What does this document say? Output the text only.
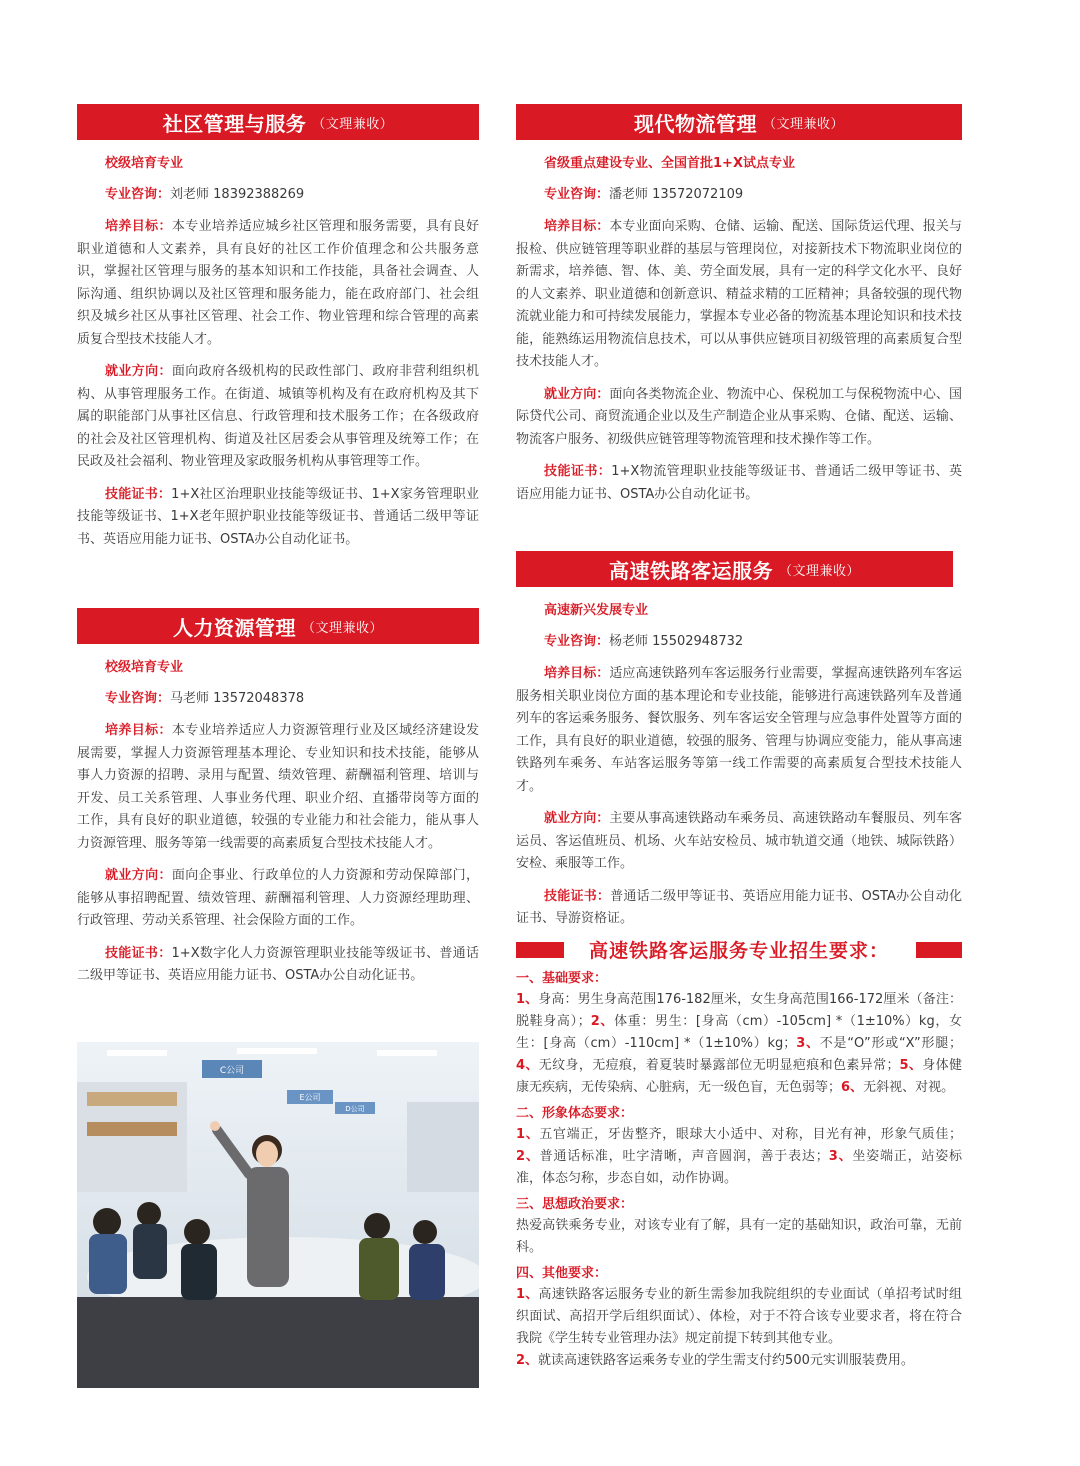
社区管理与服务 （文理兼收）
校级培育专业
专业咨询：刘老师 18392388269

培养目标：本专业培养适应城乡社区管理和服务需要，具有良好职业道德和人文素养，具有良好的社区工作价值理念和公共服务意识，掌握社区管理与服务的基本知识和工作技能，具备社会调查、人际沟通、组织协调以及社区管理和服务能力，能在政府部门、社会组织及城乡社区从事社区管理、社会工作、物业管理和综合管理的高素质复合型技术技能人才。

就业方向：面向政府各级机构的民政性部门、政府非营利组织机构、从事管理服务工作。在街道、城镇等机构及有在政府机构及其下属的职能部门从事社区信息、行政管理和技术服务工作；在各级政府的社会及社区管理机构、街道及社区居委会从事管理及统筹工作；在民政及社会福利、物业管理及家政服务机构从事管理等工作。

技能证书：1+X社区治理职业技能等级证书、1+X家务管理职业技能等级证书、1+X老年照护职业技能等级证书、普通话二级甲等证书、英语应用能力证书、OSTA办公自动化证书。

人力资源管理 （文理兼收）
校级培育专业
专业咨询：马老师 13572048378

培养目标：本专业培养适应人力资源管理行业及区域经济建设发展需要，掌握人力资源管理基本理论、专业知识和技术技能，能够从事人力资源的招聘、录用与配置、绩效管理、薪酬福利管理、培训与开发、员工关系管理、人事业务代理、职业介绍、直播带岗等方面的工作，具有良好的职业道德，较强的专业能力和社会能力，能从事人力资源管理、服务等第一线需要的高素质复合型技术技能人才。

就业方向：面向企事业、行政单位的人力资源和劳动保障部门，能够从事招聘配置、绩效管理、薪酬福利管理、人力资源经理助理、行政管理、劳动关系管理、社会保险方面的工作。

技能证书：1+X数字化人力资源管理职业技能等级证书、普通话二级甲等证书、英语应用能力证书、OSTA办公自动化证书。

现代物流管理 （文理兼收）
省级重点建设专业、全国首批1+X试点专业
专业咨询：潘老师 13572072109

培养目标：本专业面向采购、仓储、运输、配送、国际货运代理、报关与报检、供应链管理等职业群的基层与管理岗位，对接新技术下物流职业岗位的新需求，培养德、智、体、美、劳全面发展，具有一定的科学文化水平、良好的人文素养、职业道德和创新意识、精益求精的工匠精神；具备较强的现代物流就业能力和可持续发展能力，掌握本专业必备的物流基本理论知识和技术技能，能熟练运用物流信息技术，可以从事供应链项目初级管理的高素质复合型技术技能人才。

就业方向：面向各类物流企业、物流中心、保税加工与保税物流中心、国际贷代公司、商贸流通企业以及生产制造企业从事采购、仓储、配送、运输、物流客户服务、初级供应链管理等物流管理和技术操作等工作。

技能证书：1+X物流管理职业技能等级证书、普通话二级甲等证书、英语应用能力证书、OSTA办公自动化证书。

高速铁路客运服务 （文理兼收）
高速新兴发展专业
专业咨询：杨老师 15502948732

培养目标：适应高速铁路列车客运服务行业需要，掌握高速铁路列车客运服务相关职业岗位方面的基本理论和专业技能，能够进行高速铁路列车及普通列车的客运乘务服务、餐饮服务、列车客运安全管理与应急事件处置等方面的工作，具有良好的职业道德，较强的服务、管理与协调应变能力，能从事高速铁路列车乘务、车站客运服务等第一线工作需要的高素质复合型技术技能人才。

就业方向：主要从事高速铁路动车乘务员、高速铁路动车餐服员、列车客运员、客运值班员、机场、火车站安检员、城市轨道交通（地铁、城际铁路）安检、乘服等工作。

技能证书：普通话二级甲等证书、英语应用能力证书、OSTA办公自动化证书、导游资格证。

高速铁路客运服务专业招生要求：
一、基础要求：
1、身高：男生身高范围176-182厘米，女生身高范围166-172厘米（备注：脱鞋身高）；2、体重：男生：[身高（cm）-105cm] *（1±10%）kg，女生：[身高（cm）-110cm] *（1±10%）kg；3、不是“O”形或“X”形腿；4、无纹身，无痘痕，着夏装时暴露部位无明显疤痕和色素异常；5、身体健康无疾病，无传染病、心脏病，无一级色盲，无色弱等；6、无斜视、对视。
二、形象体态要求：
1、五官端正，牙齿整齐，眼球大小适中、对称，目光有神，形象气质佳；2、普通话标准，吐字清晰，声音圆润，善于表达；3、坐姿端正，站姿标准，体态匀称，步态自如，动作协调。
三、思想政治要求：
热爱高铁乘务专业，对该专业有了解，具有一定的基础知识，政治可靠，无前科。
四、其他要求：
1、高速铁路客运服务专业的新生需参加我院组织的专业面试（单招考试时组织面试、高招开学后组织面试）、体检，对于不符合该专业要求者，将在符合我院《学生转专业管理办法》规定前提下转到其他专业。
2、就读高速铁路客运乘务专业的学生需支付约500元实训服装费用。
C公司
E公司
D公司
